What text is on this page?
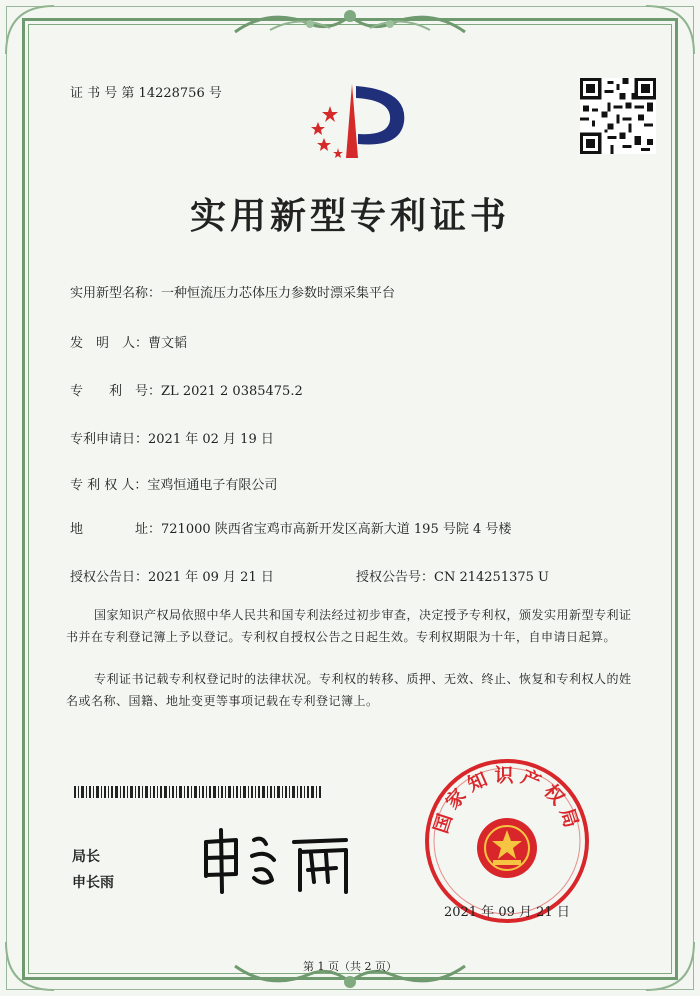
证 书 号 第 14228756 号
实用新型专利证书
实用新型名称：一种恒流压力芯体压力参数时漂采集平台
发　明　人：曹文韬
专　　利　号：ZL 2021 2 0385475.2
专利申请日：2021 年 02 月 19 日
专 利 权 人：宝鸡恒通电子有限公司
地　　　　址：721000 陕西省宝鸡市高新开发区高新大道 195 号院 4 号楼
授权公告日：2021 年 09 月 21 日	授权公告号：CN 214251375 U
国家知识产权局依照中华人民共和国专利法经过初步审查，决定授予专利权，颁发实用新型专利证书并在专利登记簿上予以登记。专利权自授权公告之日起生效。专利权期限为十年，自申请日起算。
专利证书记载专利权登记时的法律状况。专利权的转移、质押、无效、终止、恢复和专利权人的姓名或名称、国籍、地址变更等事项记载在专利登记簿上。
局长
申长雨
国家知识产权局
2021 年 09 月 21 日
第 1 页（共 2 页）
